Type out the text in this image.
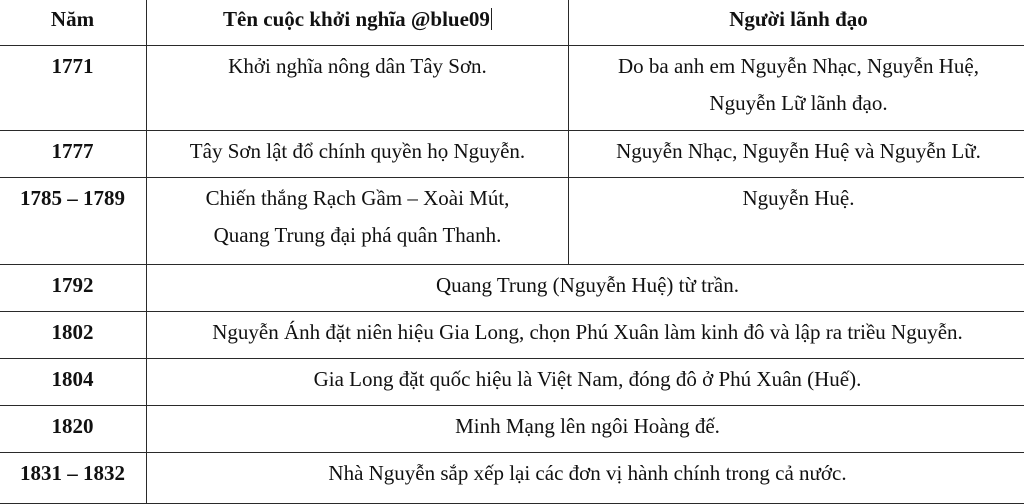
Năm	Tên cuộc khởi nghĩa @blue09	Người lãnh đạo

1771	Khởi nghĩa nông dân Tây Sơn.	Do ba anh em Nguyễn Nhạc, Nguyễn Huệ,
Nguyễn Lữ lãnh đạo.

1777	Tây Sơn lật đổ chính quyền họ Nguyễn.	Nguyễn Nhạc, Nguyễn Huệ và Nguyễn Lữ.

1785 – 1789	Chiến thắng Rạch Gầm – Xoài Mút,
Quang Trung đại phá quân Thanh.	Nguyễn Huệ.

1792	Quang Trung (Nguyễn Huệ) từ trần.	

1802	Nguyễn Ánh đặt niên hiệu Gia Long, chọn Phú Xuân làm kinh đô và lập ra triều Nguyễn.	

1804	Gia Long đặt quốc hiệu là Việt Nam, đóng đô ở Phú Xuân (Huế).	

1820	Minh Mạng lên ngôi Hoàng đế.	

1831 – 1832	Nhà Nguyễn sắp xếp lại các đơn vị hành chính trong cả nước.	
